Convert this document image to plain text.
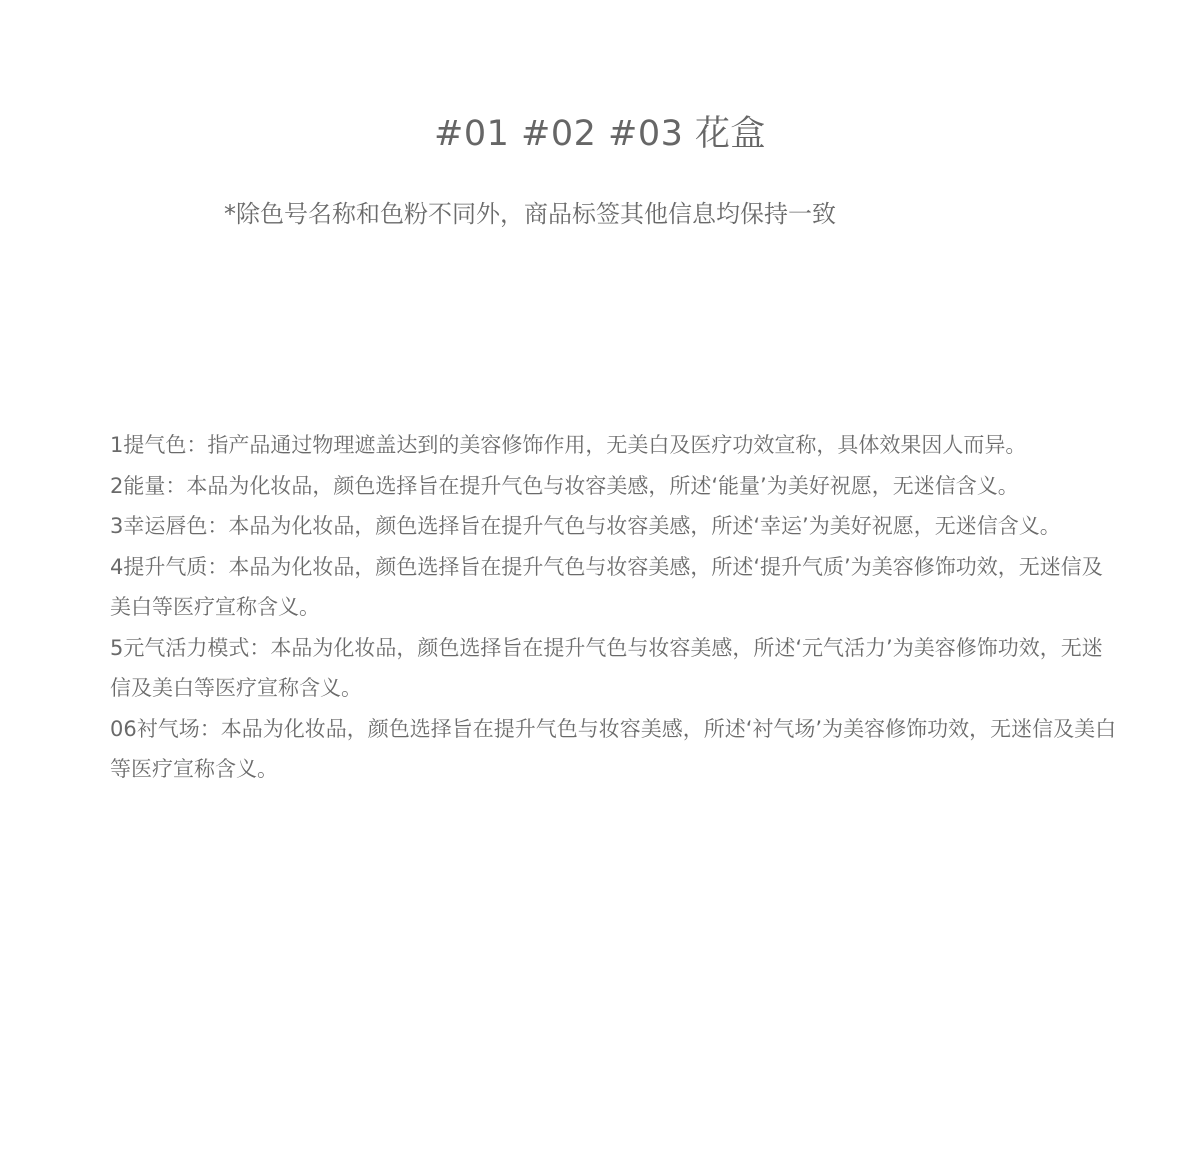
#01 #02 #03 花盒
*除色号名称和色粉不同外，商品标签其他信息均保持一致

1提气色：指产品通过物理遮盖达到的美容修饰作用，无美白及医疗功效宣称，具体效果因人而异。

2能量：本品为化妆品，颜色选择旨在提升气色与妆容美感，所述‘能量’为美好祝愿，无迷信含义。

3幸运唇色：本品为化妆品，颜色选择旨在提升气色与妆容美感，所述‘幸运’为美好祝愿，无迷信含义。

4提升气质：本品为化妆品，颜色选择旨在提升气色与妆容美感，所述‘提升气质’为美容修饰功效，无迷信及美白等医疗宣称含义。

5元气活力模式：本品为化妆品，颜色选择旨在提升气色与妆容美感，所述‘元气活力’为美容修饰功效，无迷信及美白等医疗宣称含义。

06衬气场：本品为化妆品，颜色选择旨在提升气色与妆容美感，所述‘衬气场’为美容修饰功效，无迷信及美白等医疗宣称含义。
